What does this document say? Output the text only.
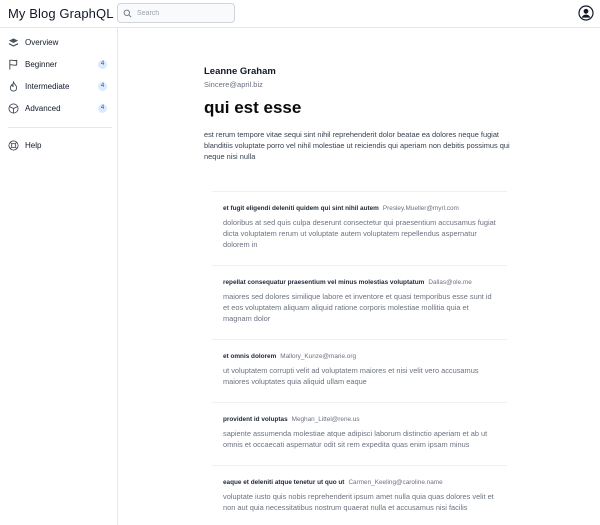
My Blog GraphQL
Search
Overview
Beginner	4
Intermediate	4
Advanced	4
Help
Leanne Graham
Sincere@april.biz
qui est esse
est rerum tempore vitae sequi sint nihil reprehenderit dolor beatae ea dolores neque fugiat blanditiis voluptate porro vel nihil molestiae ut reiciendis qui aperiam non debitis possimus qui neque nisi nulla
et fugit eligendi deleniti quidem qui sint nihil autem Presley.Mueller@myrl.com
doloribus at sed quis culpa deserunt consectetur qui praesentium accusamus fugiat dicta voluptatem rerum ut voluptate autem voluptatem repellendus aspernatur dolorem in
repellat consequatur praesentium vel minus molestias voluptatum Dallas@ole.me
maiores sed dolores similique labore et inventore et quasi temporibus esse sunt id et eos voluptatem aliquam aliquid ratione corporis molestiae mollitia quia et magnam dolor
et omnis dolorem Mallory_Kunze@marie.org
ut voluptatem corrupti velit ad voluptatem maiores et nisi velit vero accusamus maiores voluptates quia aliquid ullam eaque
provident id voluptas Meghan_Littel@rene.us
sapiente assumenda molestiae atque adipisci laborum distinctio aperiam et ab ut omnis et occaecati aspernatur odit sit rem expedita quas enim ipsam minus
eaque et deleniti atque tenetur ut quo ut Carmen_Keeling@caroline.name
voluptate iusto quis nobis reprehenderit ipsum amet nulla quia quas dolores velit et non aut quia necessitatibus nostrum quaerat nulla et accusamus nisi facilis
